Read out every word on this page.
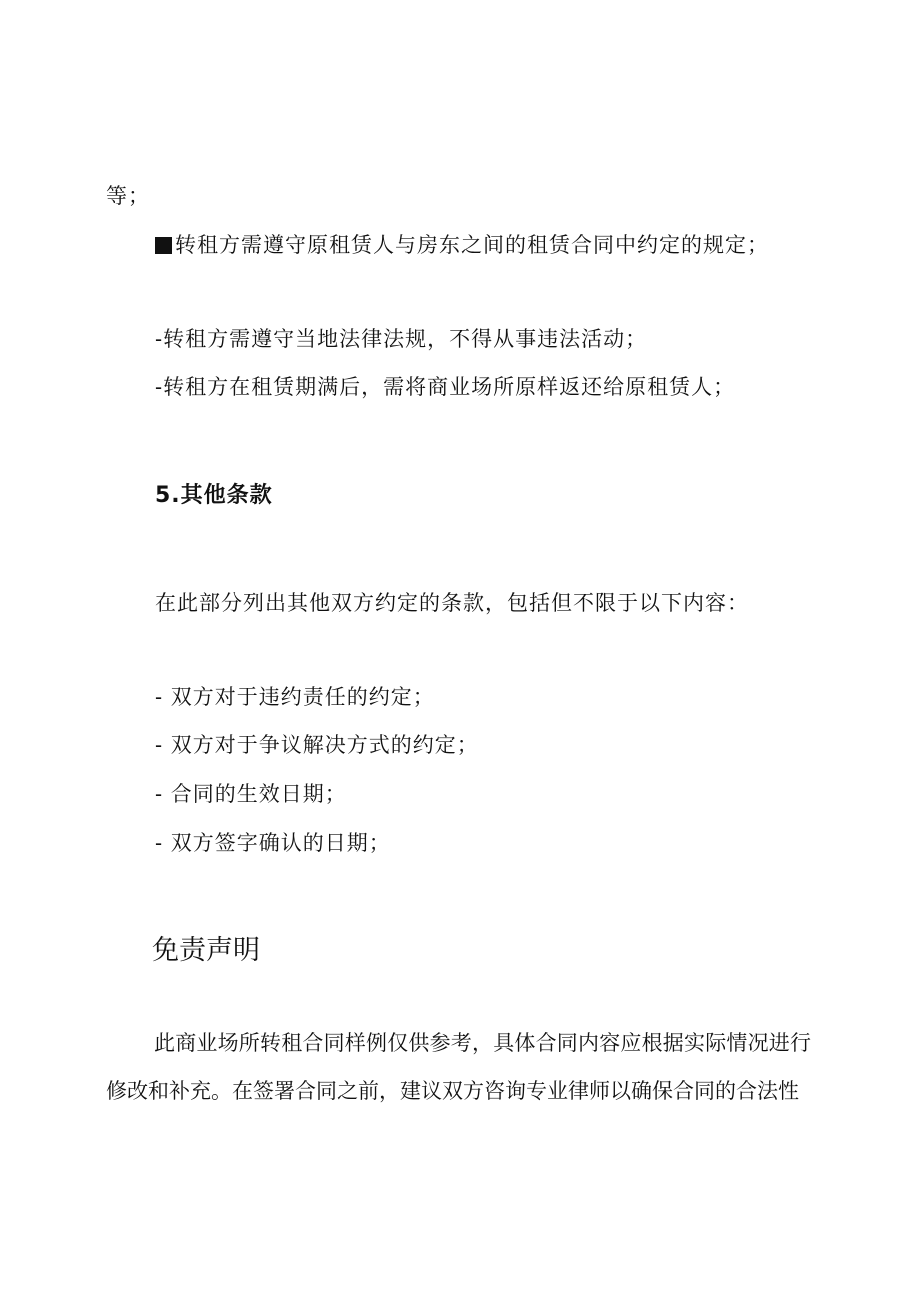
等；
转租方需遵守原租赁人与房东之间的租赁合同中约定的规定；
-转租方需遵守当地法律法规，不得从事违法活动；
-转租方在租赁期满后，需将商业场所原样返还给原租赁人；
5.其他条款
在此部分列出其他双方约定的条款，包括但不限于以下内容：
- 双方对于违约责任的约定；
- 双方对于争议解决方式的约定；
- 合同的生效日期；
- 双方签字确认的日期；
免责声明
此商业场所转租合同样例仅供参考，具体合同内容应根据实际情况进行
修改和补充。在签署合同之前，建议双方咨询专业律师以确保合同的合法性
